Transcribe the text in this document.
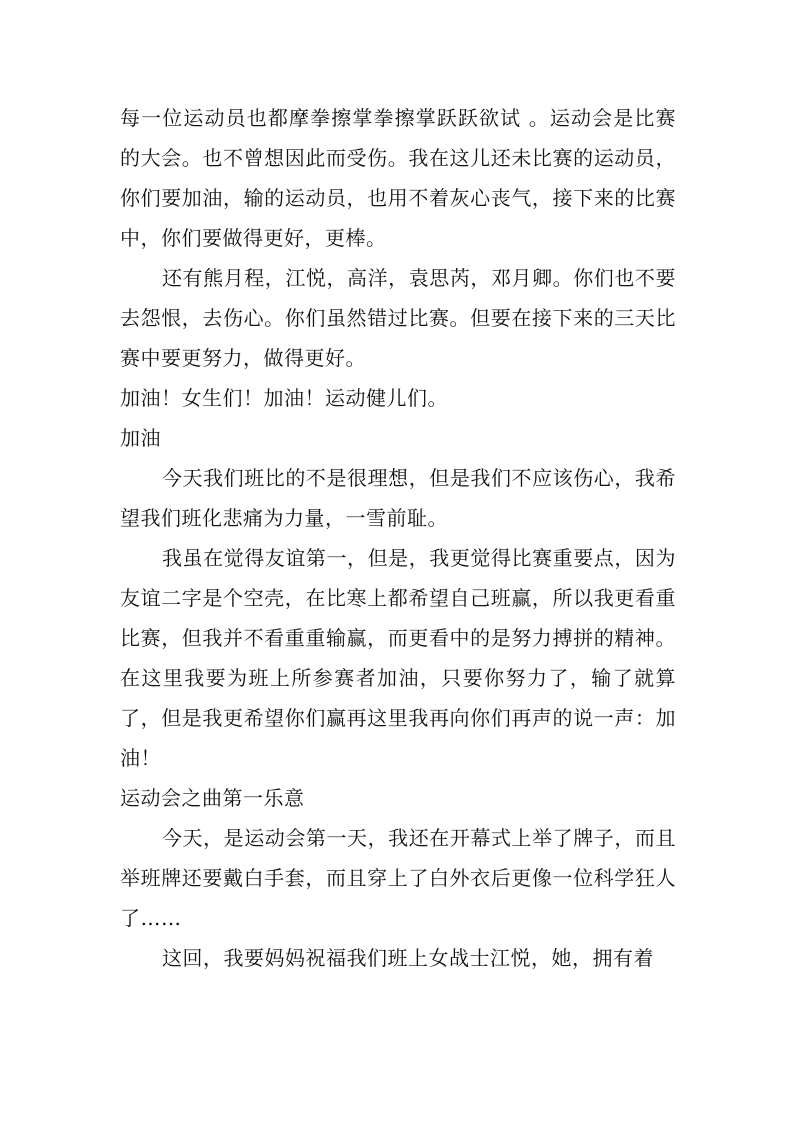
每一位运动员也都摩拳擦掌拳擦掌跃跃欲试 。运动会是比赛的大会。也不曾想因此而受伤。我在这儿还未比赛的运动员，你们要加油，输的运动员，也用不着灰心丧气，接下来的比赛中，你们要做得更好，更棒。

还有熊月程，江悦，高洋，袁思芮，邓月卿。你们也不要去怨恨，去伤心。你们虽然错过比赛。但要在接下来的三天比赛中要更努力，做得更好。

加油！女生们！加油！运动健儿们。

加油

今天我们班比的不是很理想，但是我们不应该伤心，我希望我们班化悲痛为力量，一雪前耻。

我虽在觉得友谊第一，但是，我更觉得比赛重要点，因为友谊二字是个空壳，在比寒上都希望自己班赢，所以我更看重比赛，但我并不看重重输赢，而更看中的是努力搏拼的精神。在这里我要为班上所参赛者加油，只要你努力了，输了就算了，但是我更希望你们赢再这里我再向你们再声的说一声：加油！

运动会之曲第一乐意

今天，是运动会第一天，我还在开幕式上举了牌子，而且举班牌还要戴白手套，而且穿上了白外衣后更像一位科学狂人了……

这回，我要妈妈祝福我们班上女战士江悦，她，拥有着
